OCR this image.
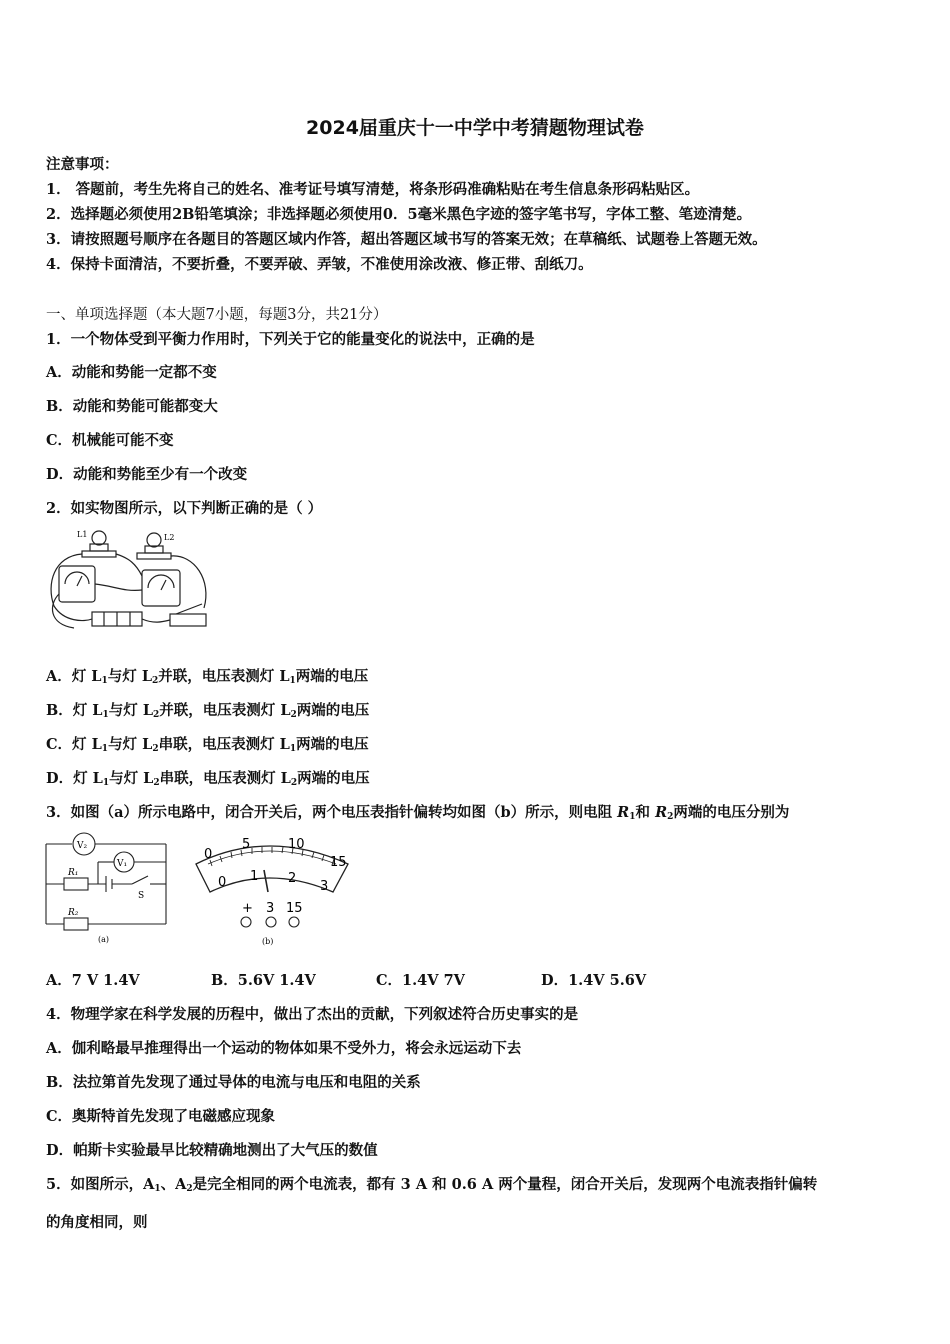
2024届重庆十一中学中考猜题物理试卷
注意事项：
1． 答题前，考生先将自己的姓名、准考证号填写清楚，将条形码准确粘贴在考生信息条形码粘贴区。
2．选择题必须使用2B铅笔填涂；非选择题必须使用0．5毫米黑色字迹的签字笔书写，字体工整、笔迹清楚。
3．请按照题号顺序在各题目的答题区域内作答，超出答题区域书写的答案无效；在草稿纸、试题卷上答题无效。
4．保持卡面清洁，不要折叠，不要弄破、弄皱，不准使用涂改液、修正带、刮纸刀。
一、单项选择题（本大题7小题，每题3分，共21分）
1．一个物体受到平衡力作用时，下列关于它的能量变化的说法中，正确的是
A．动能和势能一定都不变
B．动能和势能可能都变大
C．机械能可能不变
D．动能和势能至少有一个改变
2．如实物图所示，以下判断正确的是（ ）
L1	L2
A．灯 $L_1$与灯 $L_2$并联，电压表测灯 $L_1$两端的电压
B．灯 $L_1$与灯 $L_2$并联，电压表测灯 $L_2$两端的电压
C．灯 $L_1$与灯 $L_2$串联，电压表测灯 $L_1$两端的电压
D．灯 $L_1$与灯 $L_2$串联，电压表测灯 $L_2$两端的电压
3．如图（a）所示电路中，闭合开关后，两个电压表指针偏转均如图（b）所示，则电阻 $R_1$和 $R_2$两端的电压分别为
V₂
V₁
R₁
R₂
S
(a)
0
5	10
15
0 1 2
3
+ 3 15
(b)
A．7 V 1.4V	B．5.6V 1.4V	C．1.4V 7V	D．1.4V 5.6V
4．物理学家在科学发展的历程中，做出了杰出的贡献，下列叙述符合历史事实的是
A．伽利略最早推理得出一个运动的物体如果不受外力，将会永远运动下去
B．法拉第首先发现了通过导体的电流与电压和电阻的关系
C．奥斯特首先发现了电磁感应现象
D．帕斯卡实验最早比较精确地测出了大气压的数值
5．如图所示，$A_1$、$A_2$是完全相同的两个电流表，都有 3 A 和 0.6 A 两个量程，闭合开关后，发现两个电流表指针偏转
的角度相同，则
